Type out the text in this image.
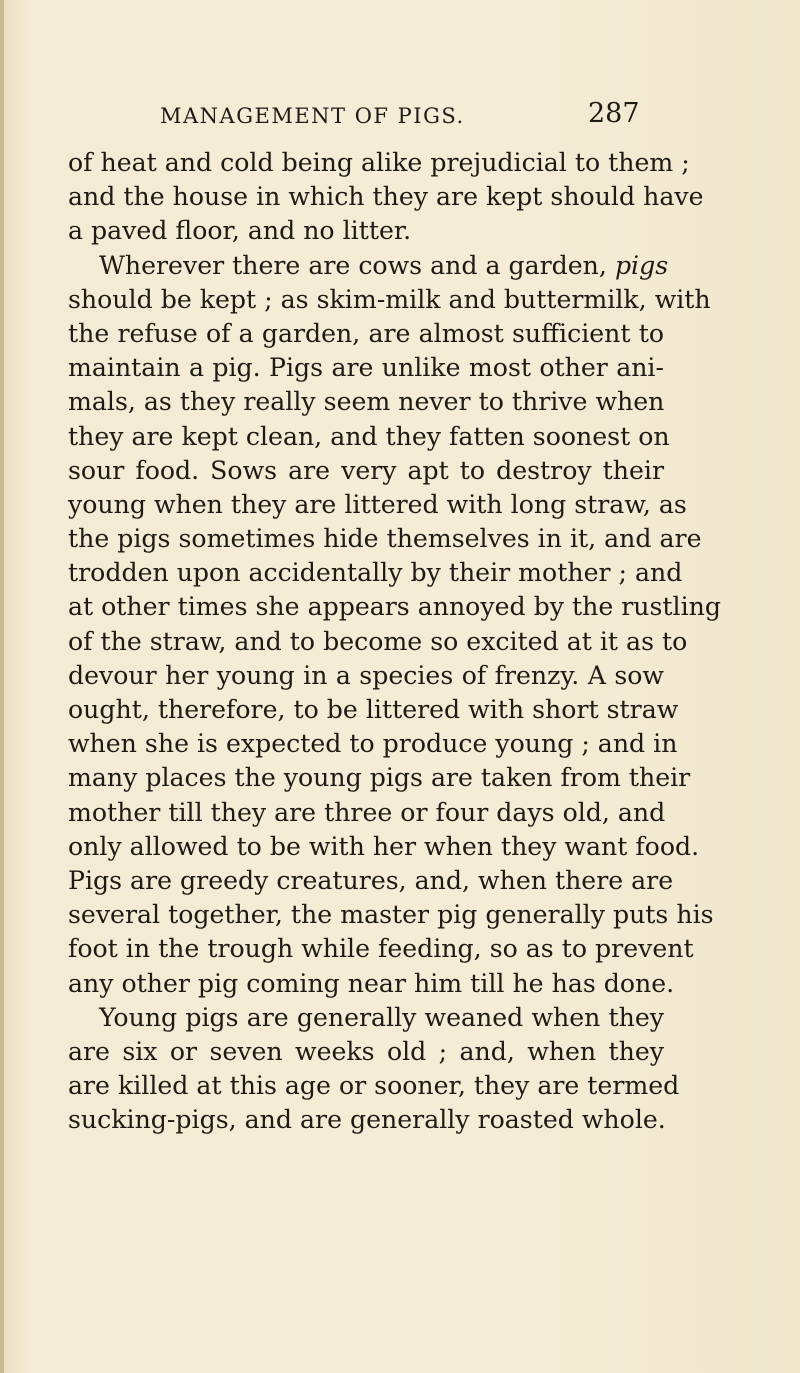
MANAGEMENT OF PIGS.	287
of heat and cold being alike prejudicial to them ;
and the house in which they are kept should have
a paved floor, and no litter.
Wherever there are cows and a garden, pigs
should be kept ; as skim-milk and buttermilk, with
the refuse of a garden, are almost sufficient to
maintain a pig. Pigs are unlike most other ani-
mals, as they really seem never to thrive when
they are kept clean, and they fatten soonest on
sour food. Sows are very apt to destroy their
young when they are littered with long straw, as
the pigs sometimes hide themselves in it, and are
trodden upon accidentally by their mother ; and
at other times she appears annoyed by the rustling
of the straw, and to become so excited at it as to
devour her young in a species of frenzy. A sow
ought, therefore, to be littered with short straw
when she is expected to produce young ; and in
many places the young pigs are taken from their
mother till they are three or four days old, and
only allowed to be with her when they want food.
Pigs are greedy creatures, and, when there are
several together, the master pig generally puts his
foot in the trough while feeding, so as to prevent
any other pig coming near him till he has done.
Young pigs are generally weaned when they
are six or seven weeks old ; and, when they
are killed at this age or sooner, they are termed
sucking-pigs, and are generally roasted whole.
